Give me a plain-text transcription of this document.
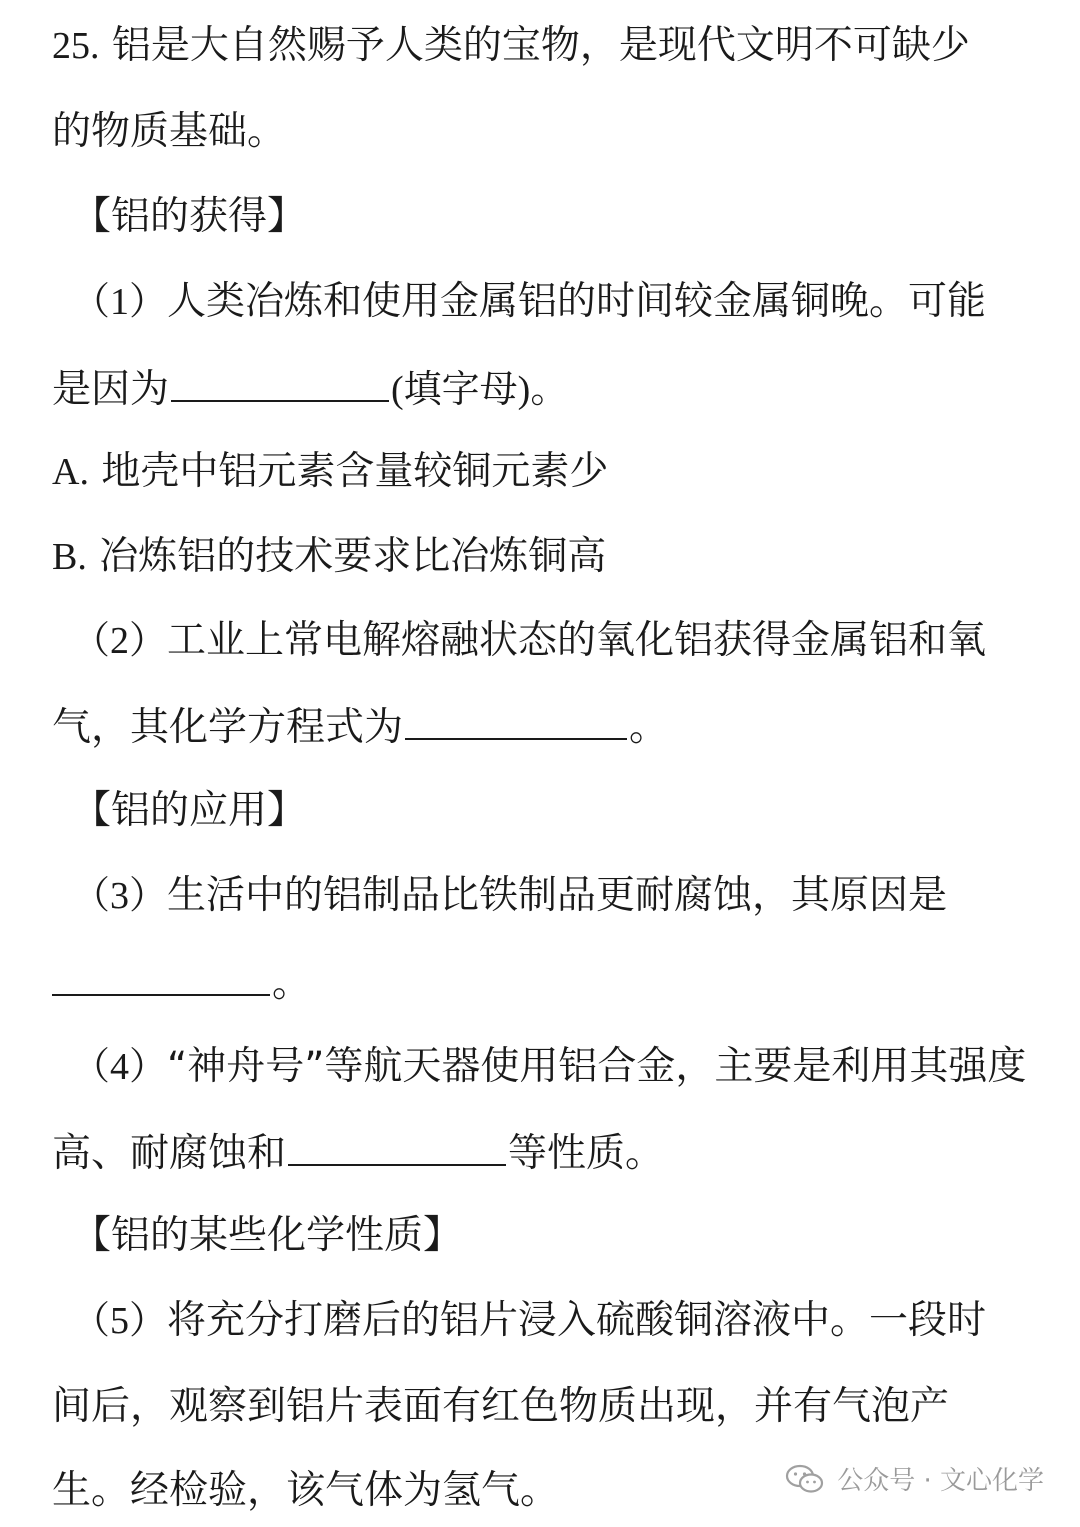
25. 铝是大自然赐予人类的宝物，是现代文明不可缺少
的物质基础。
【铝的获得】
（1）人类冶炼和使用金属铝的时间较金属铜晚。可能
是因为	(填字母)。
A. 地壳中铝元素含量较铜元素少
B. 冶炼铝的技术要求比冶炼铜高
（2）工业上常电解熔融状态的氧化铝获得金属铝和氧
气，其化学方程式为	。
【铝的应用】
（3）生活中的铝制品比铁制品更耐腐蚀，其原因是
。
（4）“神舟号”等航天器使用铝合金，主要是利用其强度
高、耐腐蚀和	等性质。
【铝的某些化学性质】
（5）将充分打磨后的铝片浸入硫酸铜溶液中。一段时
间后，观察到铝片表面有红色物质出现，并有气泡产
生。经检验，该气体为氢气。	公众号 · 文心化学
